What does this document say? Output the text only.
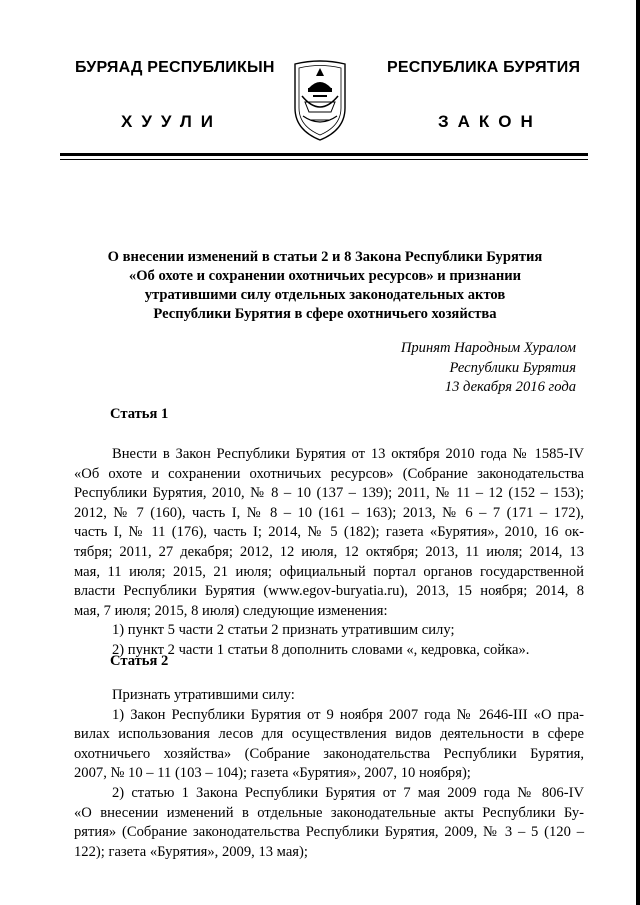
БУРЯАД РЕСПУБЛИКЫН
ХУУЛИ
РЕСПУБЛИКА БУРЯТИЯ
ЗАКОН
О внесении изменений в статьи 2 и 8 Закона Республики Бурятия
«Об охоте и сохранении охотничьих ресурсов» и признании
утратившими силу отдельных законодательных актов
Республики Бурятия в сфере охотничьего хозяйства
Принят Народным Хуралом
Республики Бурятия
13 декабря 2016 года
Статья 1
Внести в Закон Республики Бурятия от 13 октября 2010 года № 1585-IV
«Об охоте и сохранении охотничьих ресурсов» (Собрание законодательства
Республики Бурятия, 2010, № 8 – 10 (137 – 139); 2011, № 11 – 12 (152 – 153);
2012, № 7 (160), часть I, № 8 – 10 (161 – 163); 2013, № 6 – 7 (171 – 172),
часть I, № 11 (176), часть I; 2014, № 5 (182); газета «Бурятия», 2010, 16 ок-
тября; 2011, 27 декабря; 2012, 12 июля, 12 октября; 2013, 11 июля; 2014, 13
мая, 11 июля; 2015, 21 июля; официальный портал органов государственной
власти Республики Бурятия (www.egov-buryatia.ru), 2013, 15 ноября; 2014, 8
мая, 7 июля; 2015, 8 июля) следующие изменения:
1) пункт 5 части 2 статьи 2 признать утратившим силу;
2) пункт 2 части 1 статьи 8 дополнить словами «, кедровка, сойка».
Статья 2
Признать утратившими силу:
1) Закон Республики Бурятия от 9 ноября 2007 года № 2646-III «О пра-
вилах использования лесов для осуществления видов деятельности в сфере
охотничьего хозяйства» (Собрание законодательства Республики Бурятия,
2007, № 10 – 11 (103 – 104); газета «Бурятия», 2007, 10 ноября);
2) статью 1 Закона Республики Бурятия от 7 мая 2009 года № 806-IV
«О внесении изменений в отдельные законодательные акты Республики Бу-
рятия» (Собрание законодательства Республики Бурятия, 2009, № 3 – 5 (120 –
122); газета «Бурятия», 2009, 13 мая);
